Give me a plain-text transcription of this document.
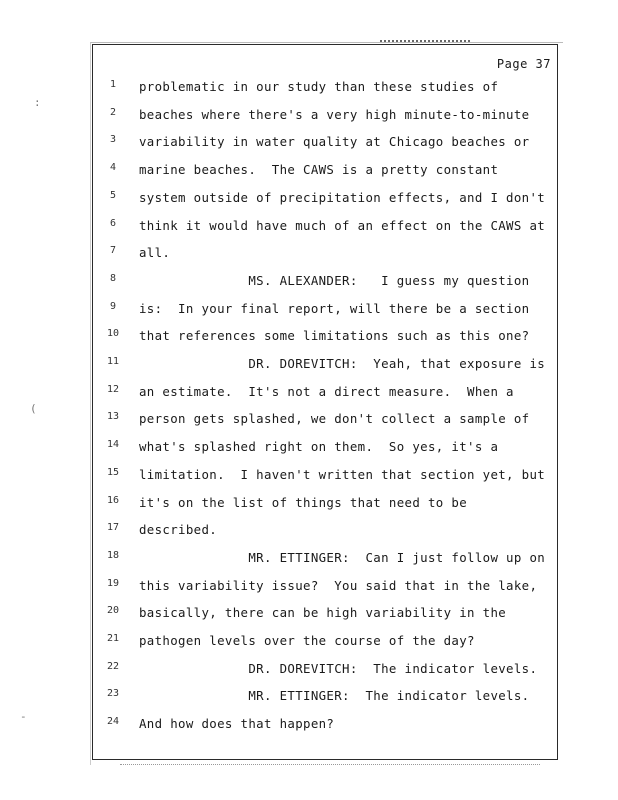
:
(
-
Page 37
1	problematic in our study than these studies of
2	beaches where there's a very high minute-to-minute
3	variability in water quality at Chicago beaches or
4	marine beaches.  The CAWS is a pretty constant
5	system outside of precipitation effects, and I don't
6	think it would have much of an effect on the CAWS at
7	all.
8	MS. ALEXANDER:   I guess my question
9	is:  In your final report, will there be a section
10	that references some limitations such as this one?
11	DR. DOREVITCH:  Yeah, that exposure is
12	an estimate.  It's not a direct measure.  When a
13	person gets splashed, we don't collect a sample of
14	what's splashed right on them.  So yes, it's a
15	limitation.  I haven't written that section yet, but
16	it's on the list of things that need to be
17	described.
18	MR. ETTINGER:  Can I just follow up on
19	this variability issue?  You said that in the lake,
20	basically, there can be high variability in the
21	pathogen levels over the course of the day?
22	DR. DOREVITCH:  The indicator levels.
23	MR. ETTINGER:  The indicator levels.
24	And how does that happen?
